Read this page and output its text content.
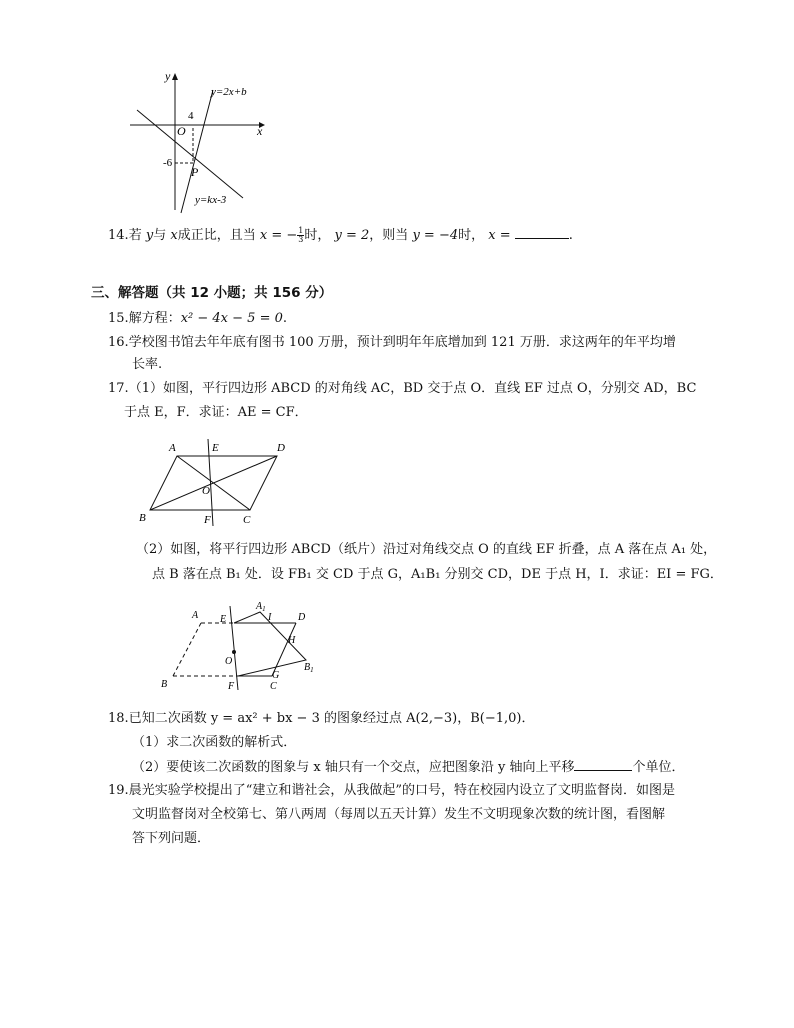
y
x
O
4
-6
P
y=2x+b
y=kx-3
14.若 y与 x成正比，且当 x = − $\frac{1}{3}$ 时， y = 2，则当 y = −4时， x =	.
三、解答题（共 12 小题；共 156 分）
15.解方程：x² − 4x − 5 = 0.
16.学校图书馆去年年底有图书 100 万册，预计到明年年底增加到 121 万册．求这两年的年平均增
长率.
17.（1）如图，平行四边形 ABCD 的对角线 AC，BD 交于点 O．直线 EF 过点 O，分别交 AD，BC
于点 E，F．求证：AE = CF．
A	E	D
O
B	F	C
（2）如图，将平行四边形 ABCD（纸片）沿过对角线交点 O 的直线 EF 折叠，点 A 落在点 A₁ 处，
点 B 落在点 B₁ 处．设 FB₁ 交 CD 于点 G，A₁B₁ 分别交 CD，DE 于点 H，I．求证：EI = FG．
A E
$A_1$
I	D
H
O
$B_1$
B	F
G
C
18.已知二次函数 y = ax² + bx − 3 的图象经过点 A(2,−3)，B(−1,0)．
（1）求二次函数的解析式．
（2）要使该二次函数的图象与 x 轴只有一个交点，应把图象沿 y 轴向上平移	个单位．
19.晨光实验学校提出了“建立和谐社会，从我做起”的口号，特在校园内设立了文明监督岗．如图是
文明监督岗对全校第七、第八两周（每周以五天计算）发生不文明现象次数的统计图，看图解
答下列问题．
